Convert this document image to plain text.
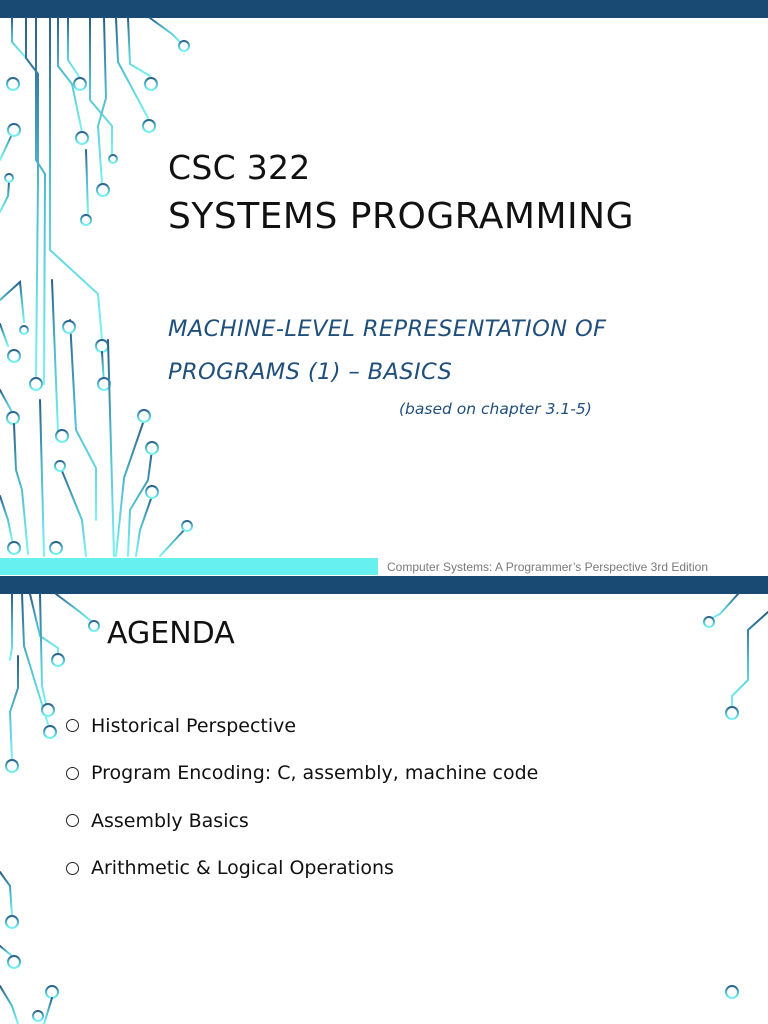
CSC 322
SYSTEMS PROGRAMMING
MACHINE-LEVEL REPRESENTATION OF
PROGRAMS (1) – BASICS
(based on chapter 3.1-5)
Computer Systems: A Programmer’s Perspective 3rd Edition
AGENDA
Historical Perspective
Program Encoding: C, assembly, machine code
Assembly Basics
Arithmetic & Logical Operations
